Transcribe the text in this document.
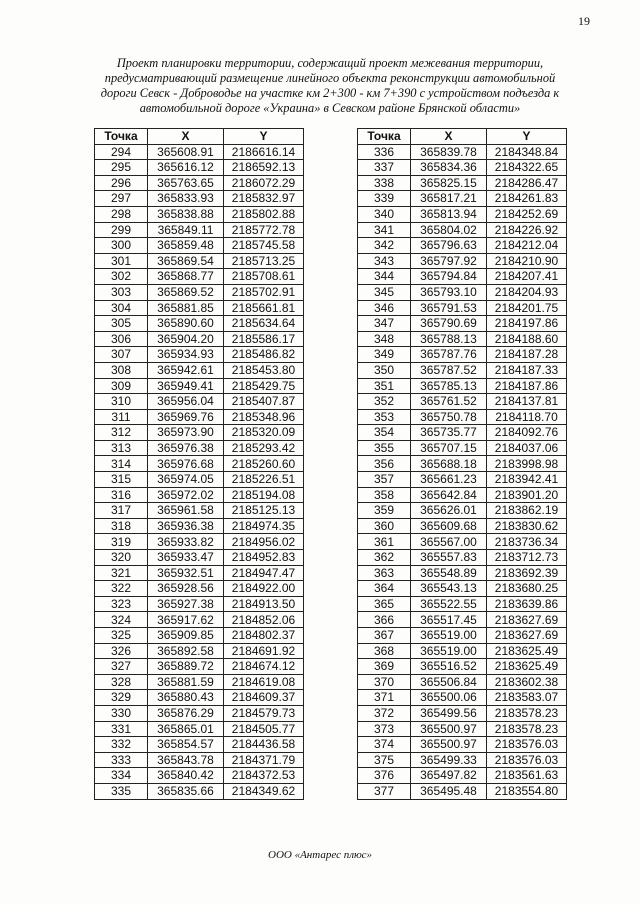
19
Проект планировки территории, содержащий проект межевания территории,
предусматривающий размещение линейного объекта реконструкции автомобильной
дороги Севск - Доброводье на участке км 2+300 - км 7+390 с устройством подъезда к
автомобильной дороге «Украина» в Севском районе Брянской области»
Точка	X	Y
294	365608.91	2186616.14
295	365616.12	2186592.13
296	365763.65	2186072.29
297	365833.93	2185832.97
298	365838.88	2185802.88
299	365849.11	2185772.78
300	365859.48	2185745.58
301	365869.54	2185713.25
302	365868.77	2185708.61
303	365869.52	2185702.91
304	365881.85	2185661.81
305	365890.60	2185634.64
306	365904.20	2185586.17
307	365934.93	2185486.82
308	365942.61	2185453.80
309	365949.41	2185429.75
310	365956.04	2185407.87
311	365969.76	2185348.96
312	365973.90	2185320.09
313	365976.38	2185293.42
314	365976.68	2185260.60
315	365974.05	2185226.51
316	365972.02	2185194.08
317	365961.58	2185125.13
318	365936.38	2184974.35
319	365933.82	2184956.02
320	365933.47	2184952.83
321	365932.51	2184947.47
322	365928.56	2184922.00
323	365927.38	2184913.50
324	365917.62	2184852.06
325	365909.85	2184802.37
326	365892.58	2184691.92
327	365889.72	2184674.12
328	365881.59	2184619.08
329	365880.43	2184609.37
330	365876.29	2184579.73
331	365865.01	2184505.77
332	365854.57	2184436.58
333	365843.78	2184371.79
334	365840.42	2184372.53
335	365835.66	2184349.62
Точка	X	Y
336	365839.78	2184348.84
337	365834.36	2184322.65
338	365825.15	2184286.47
339	365817.21	2184261.83
340	365813.94	2184252.69
341	365804.02	2184226.92
342	365796.63	2184212.04
343	365797.92	2184210.90
344	365794.84	2184207.41
345	365793.10	2184204.93
346	365791.53	2184201.75
347	365790.69	2184197.86
348	365788.13	2184188.60
349	365787.76	2184187.28
350	365787.52	2184187.33
351	365785.13	2184187.86
352	365761.52	2184137.81
353	365750.78	2184118.70
354	365735.77	2184092.76
355	365707.15	2184037.06
356	365688.18	2183998.98
357	365661.23	2183942.41
358	365642.84	2183901.20
359	365626.01	2183862.19
360	365609.68	2183830.62
361	365567.00	2183736.34
362	365557.83	2183712.73
363	365548.89	2183692.39
364	365543.13	2183680.25
365	365522.55	2183639.86
366	365517.45	2183627.69
367	365519.00	2183627.69
368	365519.00	2183625.49
369	365516.52	2183625.49
370	365506.84	2183602.38
371	365500.06	2183583.07
372	365499.56	2183578.23
373	365500.97	2183578.23
374	365500.97	2183576.03
375	365499.33	2183576.03
376	365497.82	2183561.63
377	365495.48	2183554.80
ООО «Антарес плюс»
